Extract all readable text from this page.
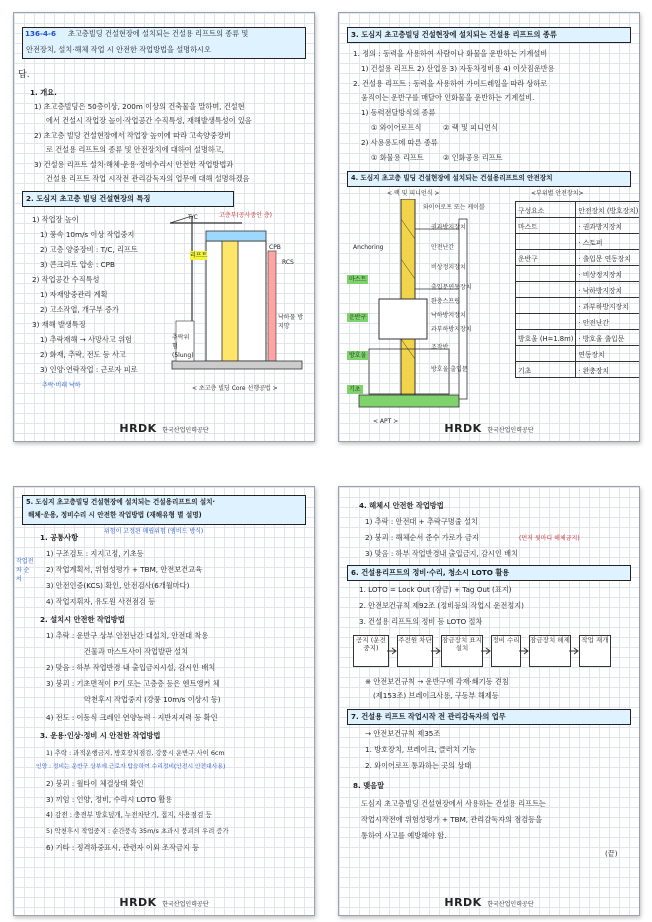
136-4-6 초고층빌딩 건설현장에 설치되는 건설용 리프트의 종류 및
안전장치, 설치·해체 작업 시 안전한 작업방법을 설명하시오
답.
1. 개요.
1) 초고층빌딩은 50층이상, 200m 이상의 건축물을 말하며, 건설현
에서 건설시 작업장 높이·작업공간 수직특성, 재해발생특성이 있음
2) 초고층 빌딩 건설현장에서 작업장 높이에 따라 고속양중장비
로 건설용 리프트의 종류 및 안전장치에 대하여 설명하고,
3) 건설용 리프트 설치·해체·운용·정비수리시 안전한 작업방법과
건설용 리프트 작업 시작전 관리감독자의 업무에 대해 설명하겠음
2. 도심지 초고층 빌딩 건설현장의 특징
1) 작업장 높이
1) 풍속 10m/s 이상 작업중지
2) 고층 양중장비 : T/C, 리프트
3) 콘크리트 압송 : CPB
2) 작업공간 수직특성
1) 자재양중관리 계획
2) 고소작업, 개구부 증가
3) 재해 발생특징
1) 추락재해 → 사망사고 위험
2) 화재, 추락, 전도 등 사고
3) 인양·연락작업 : 근로자 피로
추락·비래 낙하
T/C	고층부(공사중인 층)
CPB
RCS
리프트
낙하물 방지망
추락위험 (5lung)
< 초고층 빌딩 Core 선행공법 >
HRDK 한국산업인력공단
3. 도심지 초고층빌딩 건설현장에 설치되는 건설용 리프트의 종류
1. 정의 : 동력을 사용하여 사람이나 화물을 운반하는 기계설비
1) 건설용 리프트 2) 산업용 3) 자동차정비용 4) 이삿짐운반용
2. 건설용 리프트 : 동력을 사용하여 가이드레일을 따라 상하로
움직이는 운반구를 매달아 인화물을 운반하는 기계설비.
1) 동력전달방식의 종류
① 와이어로프식	② 랙 및 피니언식
2) 사용용도에 따른 종류
① 화물용 리프트	② 인화공용 리프트
4. 도심지 초고층 빌딩 건설현장에 설치되는 건설용리프트의 안전장치
< 랙 및 피니언식 >
Anchoring
마스트
운반구
방호울
기초
< APT >
와이어로프 또는 케이블
권과방지장치
안전난간
비상정지장치
출입문연동장치
완충스프링
낙하방지장치
과부하방지장치
조작반
방호울 출입문
<부위별 안전장치>
구성요소	안전장치 (방호장치)
마스트	· 권과방지장치
	· 스토퍼
운반구	· 출입문 연동장치
	· 비상정지장치
	· 낙하방지장치
	· 과부하방지장치
	· 안전난간
방호울 (H=1.8m)	· 방호울 출입문
	연동장치
기초	· 완충장치
HRDK 한국산업인력공단
5. 도심지 초고층빌딩 건설현장에 설치되는 건설용리프트의 설치·
해체·운용, 정비수리 시 안전한 작업방법 (재해유형 별 설명)
작업전차 순서
1. 공통사항
위험이 고정된 매립위험 (엠비드 방식)
1) 구조검토 : 지지고정, 기초등
2) 작업계획서, 위험성평가 + TBM, 안전보건교육
3) 안전인증(KCS) 확인, 안전검사(6개월마다)
4) 작업지휘자, 유도원 사전점검 등
2. 설치시 안전한 작업방법
1) 추락 : 운반구 상부 안전난간 대설치, 안전대 착용
건물과 마스트사이 작업발판 설치
2) 맞음 : 하부 작업반경 내 출입금지시설, 감시인 배치
3) 붕괴 : 기초면적이 P기 또는 고층층 등은 엔트앵커 체
악천후시 작업중지 (강풍 10m/s 이상시 등)
4) 전도 : 이동식 크레인 연양능력 · 지반지지력 등 확인
3. 운용·인상·정비 시 안전한 작업방법
1) 추락 : 과적운행금지, 방호장치점검, 강풍시 운반구 사이 6cm
인양 : 정비는 운반구 상부에 근로자 탑승하여 수리정비(안전시 안전대사용)
2) 붕괴 : 월타이 체결상태 확인
3) 끼임 : 인양, 정비, 수리시 LOTO 활용
4) 감전 : 충전부 방호덮개, 누전차단기, 접지, 사용점검 등
5) 악천후시 작업중지 : 순간풍속 35m/s 초과시 붕괴의 우려 증가
6) 기타 : 정격하중표시, 관련자 이외 조작금지 등
HRDK 한국산업인력공단
4. 해체시 안전한 작업방법
1) 추락 : 안전대 + 추락구명줄 설치
2) 붕괴 : 해체순서 준수 가로가 금지	(먼저 윗마디 해체금지)
3) 맞음 : 하부 작업반경내 출입금지, 감시인 배치
6. 건설용리프트의 정비·수리, 청소시 LOTO 활용
1. LOTO = Lock Out (잠금) + Tag Out (표지)
2. 안전보건규칙 제92조 (정비등의 작업시 운전정지)
3. 건설용 리프트의 정비 등 LOTO 절차
공지 (운전중지)
주전원 차단 잠금장치 표지설치
정비 수리 잠금장치 해제	작업 재개
※ 안전보건규칙 → 운반구에 각재·쐐기등 견침
(제153조) 브레이크사용, 구동부 해제등
7. 건설용 리프트 작업시작 전 관리감독자의 업무
→ 안전보건규칙 제35조
1. 방호장치, 브레이크, 클러치 기능
2. 와이어로프 통과하는 곳의 상태
8. 맺음말
도심지 초고층빌딩 건설현장에서 사용하는 건설용 리프트는
작업시작전에 위험성평가 + TBM, 관리감독자의 점검등을
통하여 사고를 예방해야 함.
(끝)
HRDK 한국산업인력공단
